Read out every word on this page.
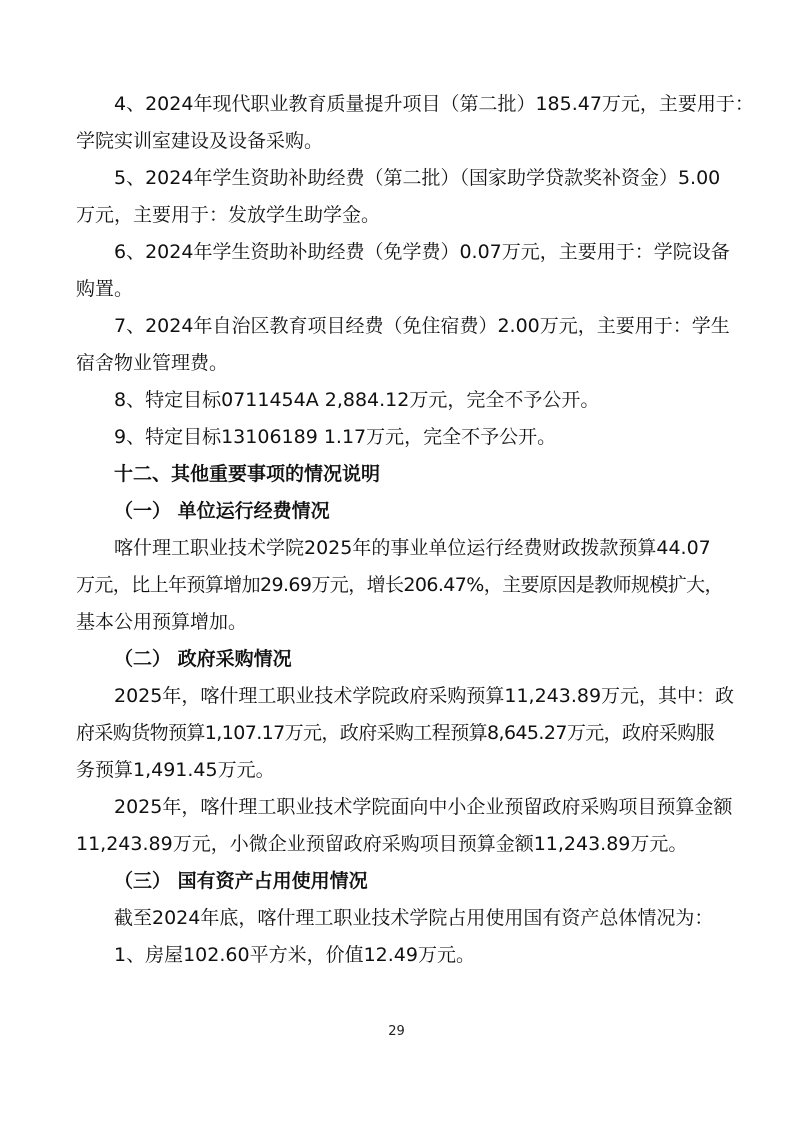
4、2024年现代职业教育质量提升项目（第二批）185.47万元，主要用于：
学院实训室建设及设备采购。
5、2024年学生资助补助经费（第二批）（国家助学贷款奖补资金）5.00
万元，主要用于：发放学生助学金。
6、2024年学生资助补助经费（免学费）0.07万元，主要用于：学院设备
购置。
7、2024年自治区教育项目经费（免住宿费）2.00万元，主要用于：学生
宿舍物业管理费。
8、特定目标0711454A 2,884.12万元，完全不予公开。
9、特定目标13106189 1.17万元，完全不予公开。
十二、其他重要事项的情况说明
（一） 单位运行经费情况
喀什理工职业技术学院2025年的事业单位运行经费财政拨款预算44.07
万元，比上年预算增加29.69万元，增长206.47%，主要原因是教师规模扩大，
基本公用预算增加。
（二） 政府采购情况
2025年，喀什理工职业技术学院政府采购预算11,243.89万元，其中：政
府采购货物预算1,107.17万元，政府采购工程预算8,645.27万元，政府采购服
务预算1,491.45万元。
2025年，喀什理工职业技术学院面向中小企业预留政府采购项目预算金额
11,243.89万元，小微企业预留政府采购项目预算金额11,243.89万元。
（三） 国有资产占用使用情况
截至2024年底，喀什理工职业技术学院占用使用国有资产总体情况为：
1、房屋102.60平方米，价值12.49万元。
29
